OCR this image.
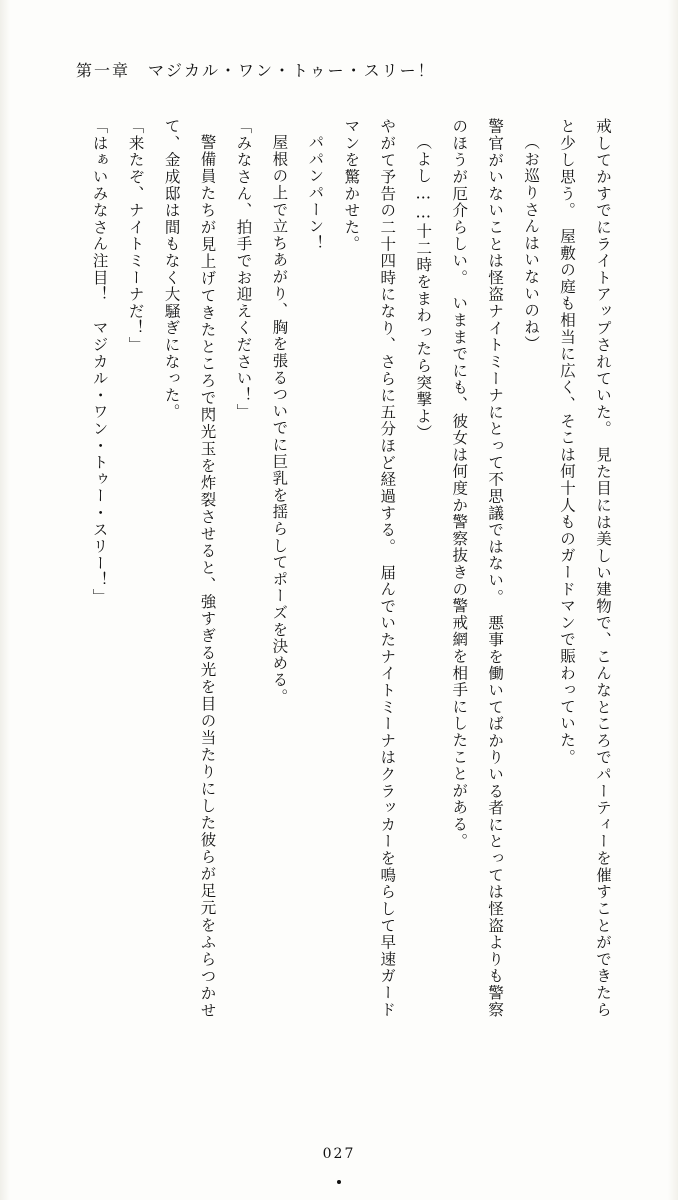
第一章　マジカル・ワン・トゥー・スリー！

戒してかすでにライトアップされていた。　見た目には美しい建物で、こんなところでパーティーを催すことができたらと少し思う。　屋敷の庭も相当に広く、そこは何十人ものガードマンで賑わっていた。

（お巡りさんはいないのね）

警官がいないことは怪盗ナイトミーナにとって不思議ではない。　悪事を働いてばかりいる者にとっては怪盗よりも警察のほうが厄介らしい。　いままでにも、彼女は何度か警察抜きの警戒網を相手にしたことがある。

（よし……十二時をまわったら突撃よ）

やがて予告の二十四時になり、さらに五分ほど経過する。　届んでいたナイトミーナはクラッカーを鳴らして早速ガードマンを驚かせた。

パパンパーン！

屋根の上で立ちあがり、胸を張るついでに巨乳を揺らしてポーズを決める。

「みなさん、拍手でお迎えください！」

警備員たちが見上げてきたところで閃光玉を炸裂させると、強すぎる光を目の当たりにした彼らが足元をふらつかせて、金成邸は間もなく大騒ぎになった。

「来たぞ、ナイトミーナだ！」

「はぁいみなさん注目！　マジカル・ワン・トゥー・スリー！」

027
